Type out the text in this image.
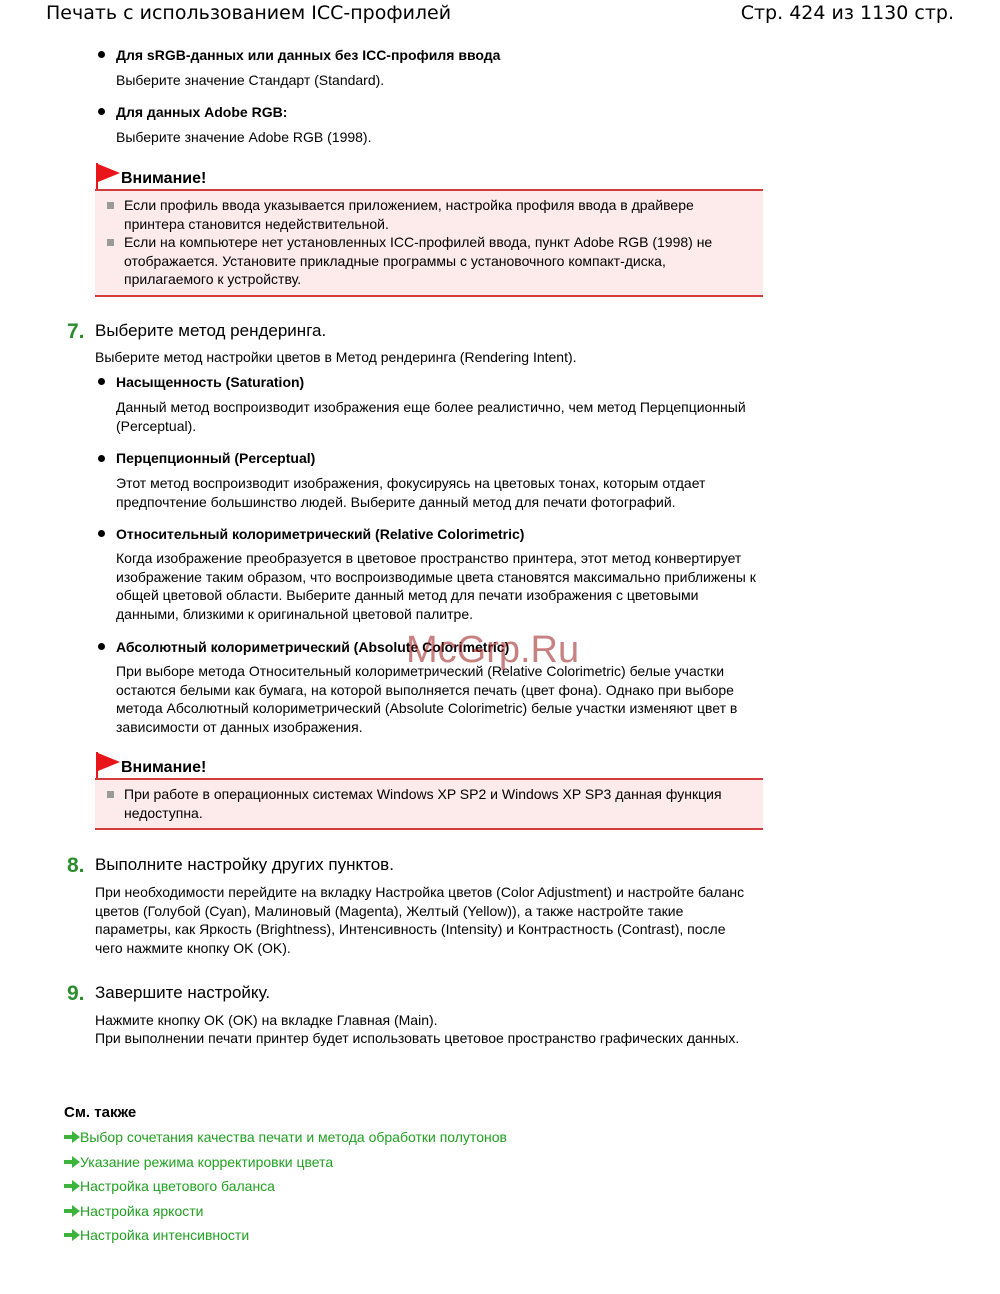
Печать с использованием ICC-профилей	Стр. 424 из 1130 стр.
Для sRGB-данных или данных без ICC-профиля ввода
Выберите значение Стандарт (Standard).
Для данных Adobe RGB:
Выберите значение Adobe RGB (1998).
Внимание!
Если профиль ввода указывается приложением, настройка профиля ввода в драйвере принтера становится недействительной.
Если на компьютере нет установленных ICC-профилей ввода, пункт Adobe RGB (1998) не отображается. Установите прикладные программы с установочного компакт-диска, прилагаемого к устройству.
7. Выберите метод рендеринга.
Выберите метод настройки цветов в Метод рендеринга (Rendering Intent).
Насыщенность (Saturation)
Данный метод воспроизводит изображения еще более реалистично, чем метод Перцепционный (Perceptual).
Перцепционный (Perceptual)
Этот метод воспроизводит изображения, фокусируясь на цветовых тонах, которым отдает предпочтение большинство людей. Выберите данный метод для печати фотографий.
Относительный колориметрический (Relative Colorimetric)
Когда изображение преобразуется в цветовое пространство принтера, этот метод конвертирует изображение таким образом, что воспроизводимые цвета становятся максимально приближены к общей цветовой области. Выберите данный метод для печати изображения с цветовыми данными, близкими к оригинальной цветовой палитре.
Абсолютный колориметрический (Absolute Colorimetric)
При выборе метода Относительный колориметрический (Relative Colorimetric) белые участки остаются белыми как бумага, на которой выполняется печать (цвет фона). Однако при выборе метода Абсолютный колориметрический (Absolute Colorimetric) белые участки изменяют цвет в зависимости от данных изображения.
McGrp.Ru
Внимание!
При работе в операционных системах Windows XP SP2 и Windows XP SP3 данная функция недоступна.
8. Выполните настройку других пунктов.
При необходимости перейдите на вкладку Настройка цветов (Color Adjustment) и настройте баланс цветов (Голубой (Cyan), Малиновый (Magenta), Желтый (Yellow)), а также настройте такие параметры, как Яркость (Brightness), Интенсивность (Intensity) и Контрастность (Contrast), после чего нажмите кнопку OK (OK).
9. Завершите настройку.
Нажмите кнопку OK (OK) на вкладке Главная (Main).
При выполнении печати принтер будет использовать цветовое пространство графических данных.
См. также
Выбор сочетания качества печати и метода обработки полутонов
Указание режима корректировки цвета
Настройка цветового баланса
Настройка яркости
Настройка интенсивности
